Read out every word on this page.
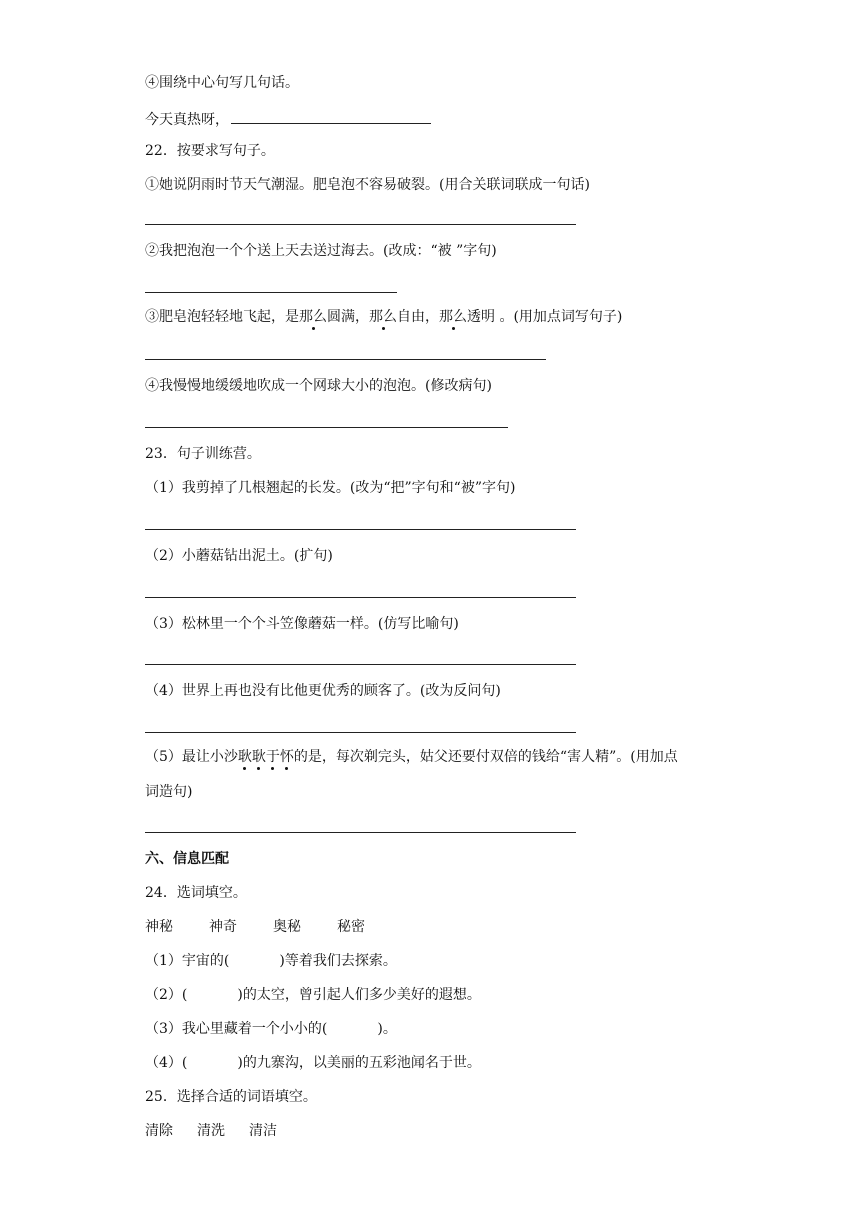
④围绕中心句写几句话。
今天真热呀，
22．按要求写句子。
①她说阴雨时节天气潮湿。肥皂泡不容易破裂。(用合关联词联成一句话)
②我把泡泡一个个送上天去送过海去。(改成：“被 ”字句)
③肥皂泡轻轻地飞起，是那么圆满，那么自由，那么透明 。(用加点词写句子)
④我慢慢地缓缓地吹成一个网球大小的泡泡。(修改病句)
23．句子训练营。
（1）我剪掉了几根翘起的长发。(改为“把”字句和“被”字句)
（2）小蘑菇钻出泥土。(扩句)
（3）松林里一个个斗笠像蘑菇一样。(仿写比喻句)
（4）世界上再也没有比他更优秀的顾客了。(改为反问句)
（5）最让小沙耿耿于怀的是，每次剃完头，姑父还要付双倍的钱给“害人精”。(用加点
词造句)
六、信息匹配
24．选词填空。
神秘	神奇	奥秘	秘密
（1）宇宙的(	)等着我们去探索。
（2）(	)的太空，曾引起人们多少美好的遐想。
（3）我心里藏着一个小小的(	)。
（4）(	)的九寨沟，以美丽的五彩池闻名于世。
25．选择合适的词语填空。
清除 清洗 清洁
